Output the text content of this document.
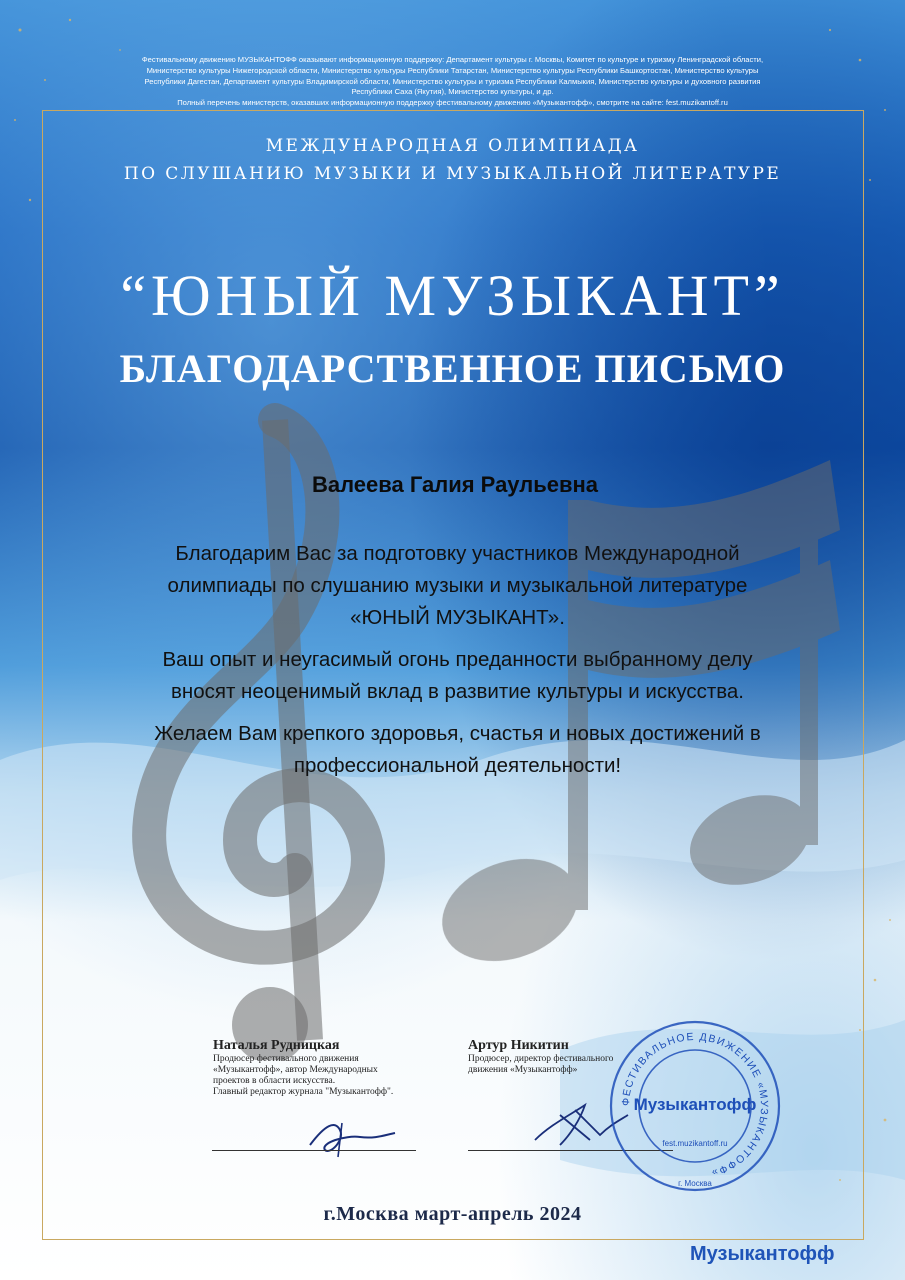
Фестивальному движению МУЗЫКАНТОФФ оказывают информационную поддержку: Департамент культуры г. Москвы, Комитет по культуре и туризму Ленинградской области,
Министерство культуры Нижегородской области, Министерство культуры Республики Татарстан, Министерство культуры Республики Башкортостан, Министерство культуры
Республики Дагестан, Департамент культуры Владимирской области, Министерство культуры и туризма Республики Калмыкия, Министерство культуры и духовного развития
Республики Саха (Якутия), Министерство культуры, и др.
Полный перечень министерств, оказавших информационную поддержку фестивальному движению «Музыкантофф», смотрите на сайте: fest.muzikantoff.ru
МЕЖДУНАРОДНАЯ ОЛИМПИАДА
ПО СЛУШАНИЮ МУЗЫКИ И МУЗЫКАЛЬНОЙ ЛИТЕРАТУРЕ
“ЮНЫЙ МУЗЫКАНТ”
БЛАГОДАРСТВЕННОЕ ПИСЬМО
Валеева Галия Раульевна

Благодарим Вас за подготовку участников Международной
олимпиады по слушанию музыки и музыкальной литературе
«ЮНЫЙ МУЗЫКАНТ».

Ваш опыт и неугасимый огонь преданности выбранному делу
вносят неоценимый вклад в развитие культуры и искусства.

Желаем Вам крепкого здоровья, счастья и новых достижений в
профессиональной деятельности!

Наталья Рудницкая
Продюсер фестивального движения
«Музыкантофф», автор Международных
проектов в области искусства.
Главный редактор журнала "Музыкантофф".
Артур Никитин
Продюсер, директор фестивального
движения «Музыкантофф»
ФЕСТИВАЛЬНОЕ ДВИЖЕНИЕ «МУЗЫКАНТОФФ»
Музыкантофф
fest.muzikantoff.ru
г. Москва
г.Москва март-апрель 2024
Музыкантофф
